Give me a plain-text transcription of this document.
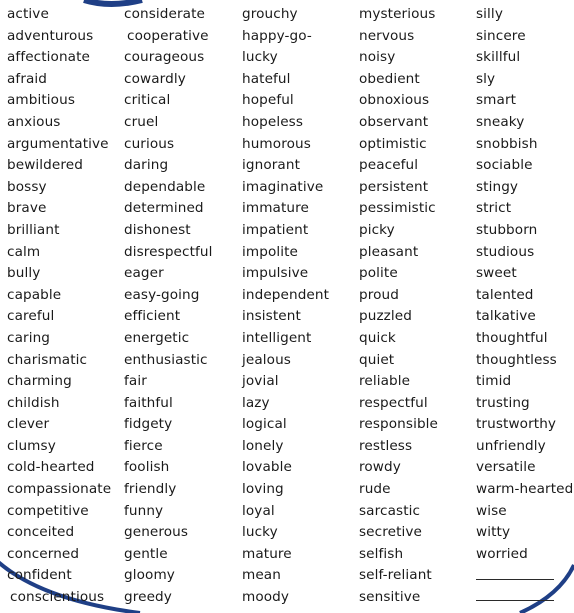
active
adventurous
affectionate
afraid
ambitious
anxious
argumentative
bewildered
bossy
brave
brilliant
calm
bully
capable
careful
caring
charismatic
charming
childish
clever
clumsy
cold-hearted
compassionate
competitive
conceited
concerned
confident
conscientious
considerate
cooperative
courageous
cowardly
critical
cruel
curious
daring
dependable
determined
dishonest
disrespectful
eager
easy-going
efficient
energetic
enthusiastic
fair
faithful
fidgety
fierce
foolish
friendly
funny
generous
gentle
gloomy
greedy
grouchy
happy-go-
lucky
hateful
hopeful
hopeless
humorous
ignorant
imaginative
immature
impatient
impolite
impulsive
independent
insistent
intelligent
jealous
jovial
lazy
logical
lonely
lovable
loving
loyal
lucky
mature
mean
moody
mysterious
nervous
noisy
obedient
obnoxious
observant
optimistic
peaceful
persistent
pessimistic
picky
pleasant
polite
proud
puzzled
quick
quiet
reliable
respectful
responsible
restless
rowdy
rude
sarcastic
secretive
selfish
self-reliant
sensitive
silly
sincere
skillful
sly
smart
sneaky
snobbish
sociable
stingy
strict
stubborn
studious
sweet
talented
talkative
thoughtful
thoughtless
timid
trusting
trustworthy
unfriendly
versatile
warm-hearted
wise
witty
worried
